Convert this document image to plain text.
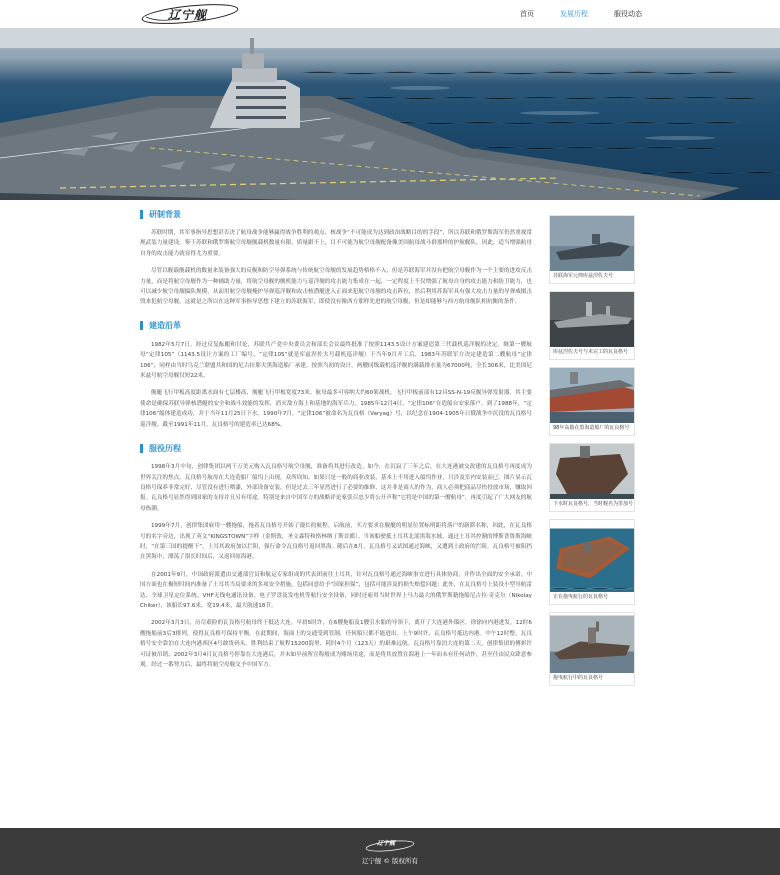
辽宁舰	首页	发展历程	服役动态
研制背景

苏联时期，其军事指导思想甚否决了航母战争能够赢得战争胜利的观点，核战争“不可能成为达到政治战略目的的手段”，所以苏联和俄罗斯海军仍然重视常规武装力量建设。鉴于苏联和俄罗斯航空母舰舰载机数量有限，质量跟不上，目不可能为航空母舰配备像美国航母战斗群那样的护航舰队，因此，适当增强航母自身的攻击能力就显得尤为重要。

尽管以舰载舰载机的数量来装备强大的反舰和防空导弹系统与传统航空母舰的发展趋势格格不入，但是苏联海军并没有把航空母舰作为一个主要的进攻反击力量，而是将航空母舰作为一种辅助力量，将航空母舰的舰机能力与巡洋舰的攻击能力集成在一起，一定程度上不仅增强了航母自身的攻击能力和防卫能力，也可以减少航空母舰编队规模，从而用航空母舰掩护导弹巡洋舰和攻击核潜艇进入正面来犯航空母舰的攻击阵位，然后利用苏海军具有强大攻击力量的导弹威慑击毁来犯航空母舰，这就是之所以在这种军事指导思想下建立的苏联海军，即使没有像西方那样先进的航空母舰，但是却能够与西方航母舰队相抗衡的条件。

建造沿革

1982年5月7日，经过反复酝酿和讨论，苏联共产党中央委员会和部长会议最终批准了按照1143.5设计方案建造第三代载机巡洋舰的决定。继第一艘航母“定律105”（1143.5设计方案的工厂编号，“定律105”就是库兹涅佐夫号载机巡洋舰）于当年9月开工后，1983年苏联军方决定建造第二艘航母“定律106”，同样由当时乌克兰联盟共和国的尼古拉耶夫黑海造船厂承建。按照当初的设计，两艘同级载机巡洋舰的满载排水量为67000吨，全长306米，比美国尼米兹号航空母舰仅短22米。

舰艇飞行甲板高度距离水面有七层楼高，舰艇飞行甲板宽度73米。航母最多可容纳大约60架战机。飞行甲板前部有12具SS-N-19反舰导弹发射器，其主要使命是确保苏联导弹核潜艇的安全和战斗效能的发挥，消灭敌方海上和基地的海军兵力。1985年12月4日，“定律106”在造船台安家落户。到了1988年，“定律106”船体建造成功，并于当年11月25日下水。1990年7月，“定律106”被命名为瓦良格（Varyag）号，以纪念在1904-1905年日俄战争中沉没的瓦良格号巡洋舰。截至1991年11月，瓦良格号的建造率已达68%。

服役历程

1998年3月中旬，创律集团以两千万美元购入瓦良格号航空母舰，准备将其进行改造。如今，在沉寂了三年之后，在大连港被交改建的瓦良格号再度成为世界关注的焦点。瓦良格号航母在大连造船厂船坞上出现，众所周知，如果只是一般的商业改装，基本上不用进入船坞作业，只涉及室内安装而已。图片显示瓦良格号保养非常完好，尽管没有进行喷漆，外部设备安装，但是过去三年显然进行了必要的维修，这并非是商人的作为，商人必须把商品尽快投放市场，赚取回报。瓦良格号显然得到国家的支持并且另有用途。特别是来自中国军方的战略评论家张召忠少将公开声称“它将是中国的第一艘航母”，再度引起了广大网友的航母热潮。

1999年7月，创律集团雇用一艘拖船，拖着瓦良格号开始了漫长的航程。启航前，买方要求在舰艇的明显位置标明距将落户的新滞名称，因此，在瓦良格号的名字旁边，出现了英文“KINGSTOWN”字样（金斯敦，圣文森特和格林纳丁斯首都）。当该船驶抵土耳其北部黑海水域，通过土耳其控制的博斯普鲁斯海峡时，“在第三国的提醒下”，土耳其政府加以拦阻，强行命令瓦良格号返回黑海。随后在8月，瓦良格号又试图通过海峡，又遭到土政府的拦阻。瓦良格号被阻挡在黑海中，漂荡了很长时间后，又返回原海港。

在2001年9月，中国政府派遣由交通部官员和航运专家组成的代表团前往土耳其，针对瓦良格号通过海峡事宜进行具体协商，并作出全面的安全承诺。中国方面也在极短时间内准备了土耳其当局要求的多项安全措施，包括同意给予“国家担保”，包括可能涉及的损失赔偿问题；此外，在瓦良格号上装设小型导航雷达、全球卫星定位系统、VHF无线电通讯设备、电子罗盘及发电机等航行安全设备，同时还雇用当时世界上马力最大的俄罗斯籍拖船尼古拉·奇克尔（Nikolay Chiker），该船长97.6米，宽19.4米，最大航速18节。

2002年3月3日，历尽艰险的瓦良格号航母终于抵达大连。早晨5时许，在6艘拖船及1艘引水船的导领下，离开了大连港外锚区，徐徐向内港进发。12时6艘拖船前3后3排列，使得瓦良格号保持平衡。在此期间，海面上的交通受到管制，任何船只都不能进出。上午9时许，瓦良格号抵达内港。中午12时整，瓦良格号安全靠泊在大连内港西区4号敢货码头。胜利结束了航程15200海里、耗时4个月（123天）的艰难远航。瓦良格号靠泊大连的第二天，创律集团的傅彩许可证被吊销。2002年3月4日瓦良格号停靠在大连港后，并未如早前所宣称般成为赌场用途，而是将其放置在海港上一年而未有任何动作，甚至任由民众肆意参观。经过一番努力后，最终将航空母舰交予中国军方。

苏联海军元帅库兹涅佐夫号
库兹涅佐夫号与未完工的瓦良格号
98年高拨在黑海造船厂的瓦良格号
下水时瓦良格号，当时舰名为里加号
正在拖曳航行的瓦良格号
拖曳航行中的瓦良格号
辽宁舰
辽宁舰 © 版权所有
